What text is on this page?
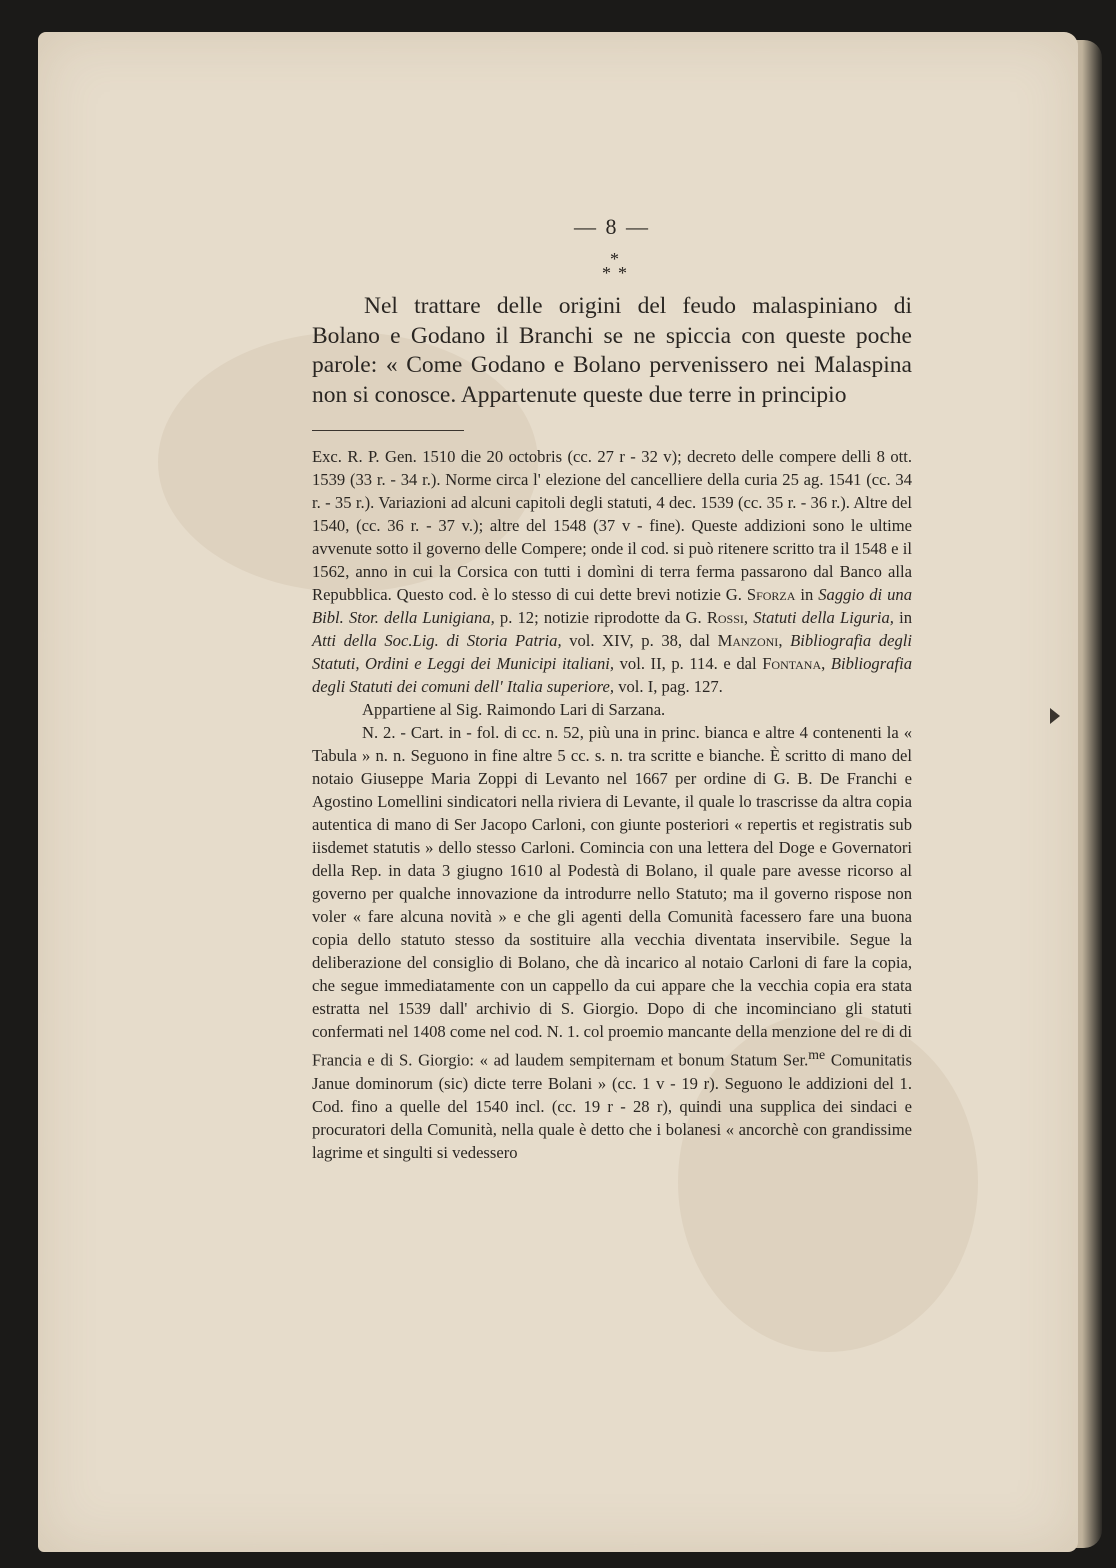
— 8 —
*
* *

Nel trattare delle origini del feudo malaspiniano di Bolano e Godano il Branchi se ne spiccia con queste poche parole: « Come Godano e Bolano pervenissero nei Malaspina non si conosce. Appartenute queste due terre in principio

Exc. R. P. Gen. 1510 die 20 octobris (cc. 27 r - 32 v); decreto delle compere delli 8 ott. 1539 (33 r. - 34 r.). Norme circa l' elezione del cancelliere della curia 25 ag. 1541 (cc. 34 r. - 35 r.). Variazioni ad alcuni capitoli degli statuti, 4 dec. 1539 (cc. 35 r. - 36 r.). Altre del 1540, (cc. 36 r. - 37 v.); altre del 1548 (37 v - fine). Queste addizioni sono le ultime avvenute sotto il governo delle Compere; onde il cod. si può ritenere scritto tra il 1548 e il 1562, anno in cui la Corsica con tutti i domìni di terra ferma passarono dal Banco alla Repubblica. Questo cod. è lo stesso di cui dette brevi notizie G. Sforza in Saggio di una Bibl. Stor. della Lunigiana, p. 12; notizie riprodotte da G. Rossi, Statuti della Liguria, in Atti della Soc.Lig. di Storia Patria, vol. XIV, p. 38, dal Manzoni, Bibliografia degli Statuti, Ordini e Leggi dei Municipi italiani, vol. II, p. 114. e dal Fontana, Bibliografia degli Statuti dei comuni dell' Italia superiore, vol. I, pag. 127.

Appartiene al Sig. Raimondo Lari di Sarzana.

N. 2. - Cart. in - fol. di cc. n. 52, più una in princ. bianca e altre 4 contenenti la « Tabula » n. n. Seguono in fine altre 5 cc. s. n. tra scritte e bianche. È scritto di mano del notaio Giuseppe Maria Zoppi di Levanto nel 1667 per ordine di G. B. De Franchi e Agostino Lomellini sindicatori nella riviera di Levante, il quale lo trascrisse da altra copia autentica di mano di Ser Jacopo Carloni, con giunte posteriori « repertis et registratis sub iisdemet statutis » dello stesso Carloni. Comincia con una lettera del Doge e Governatori della Rep. in data 3 giugno 1610 al Podestà di Bolano, il quale pare avesse ricorso al governo per qualche innovazione da introdurre nello Statuto; ma il governo rispose non voler « fare alcuna novità » e che gli agenti della Comunità facessero fare una buona copia dello statuto stesso da sostituire alla vecchia diventata inservibile. Segue la deliberazione del consiglio di Bolano, che dà incarico al notaio Carloni di fare la copia, che segue immediatamente con un cappello da cui appare che la vecchia copia era stata estratta nel 1539 dall' archivio di S. Giorgio. Dopo di che incominciano gli statuti confermati nel 1408 come nel cod. N. 1. col proemio mancante della menzione del re di di Francia e di S. Giorgio: « ad laudem sempiternam et bonum Statum Ser.$^{me}$ Comunitatis Janue dominorum (sic) dicte terre Bolani » (cc. 1 v - 19 r). Seguono le addizioni del 1. Cod. fino a quelle del 1540 incl. (cc. 19 r - 28 r), quindi una supplica dei sindaci e procuratori della Comunità, nella quale è detto che i bolanesi « ancorchè con grandissime lagrime et singulti si vedessero
